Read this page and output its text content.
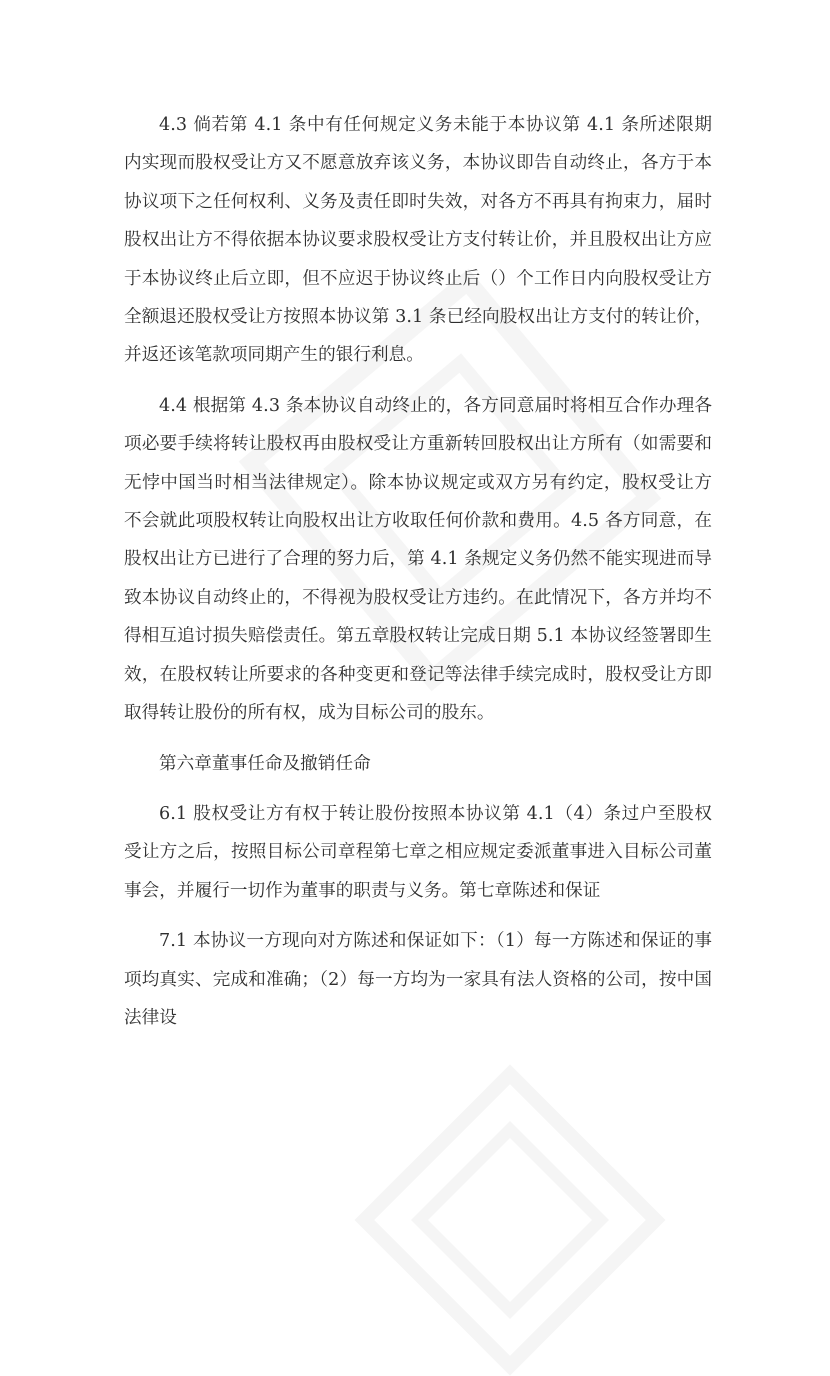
4.3 倘若第 4.1 条中有任何规定义务未能于本协议第 4.1 条所述限期内实现而股权受让方又不愿意放弃该义务，本协议即告自动终止，各方于本协议项下之任何权利、义务及责任即时失效，对各方不再具有拘束力，届时 股权出让方不得依据本协议要求股权受让方支付转让价，并且股权出让方应于本协议终止后立即，但不应迟于协议终止后（）个工作日内向股权受让方全额退还股权受让方按照本协议第 3.1 条已经向股权出让方支付的转让价，并返还该笔款项同期产生的银行利息。

4.4 根据第 4.3 条本协议自动终止的，各方同意届时将相互合作办理各项必要手续将转让股权再由股权受让方重新转回股权出让方所有（如需要和无悖中国当时相当法律规定）。除本协议规定或双方另有约定，股权受让方不会就此项股权转让向股权出让方收取任何价款和费用。4.5 各方同意，在股权出让方已进行了合理的努力后，第 4.1 条规定义务仍然不能实现进而导致本协议自动终止的，不得视为股权受让方违约。在此情况下，各方并均不得相互追讨损失赔偿责任。第五章股权转让完成日期 5.1 本协议经签署即生效，在股权转让所要求的各种变更和登记等法律手续完成时，股权受让方即取得转让股份的所有权，成为目标公司的股东。

第六章董事任命及撤销任命

6.1 股权受让方有权于转让股份按照本协议第 4.1（4）条过户至股权受让方之后，按照目标公司章程第七章之相应规定委派董事进入目标公司董事会，并履行一切作为董事的职责与义务。第七章陈述和保证

7.1 本协议一方现向对方陈述和保证如下：（1）每一方陈述和保证的事项均真实、完成和准确；（2）每一方均为一家具有法人资格的公司，按中国法律设
